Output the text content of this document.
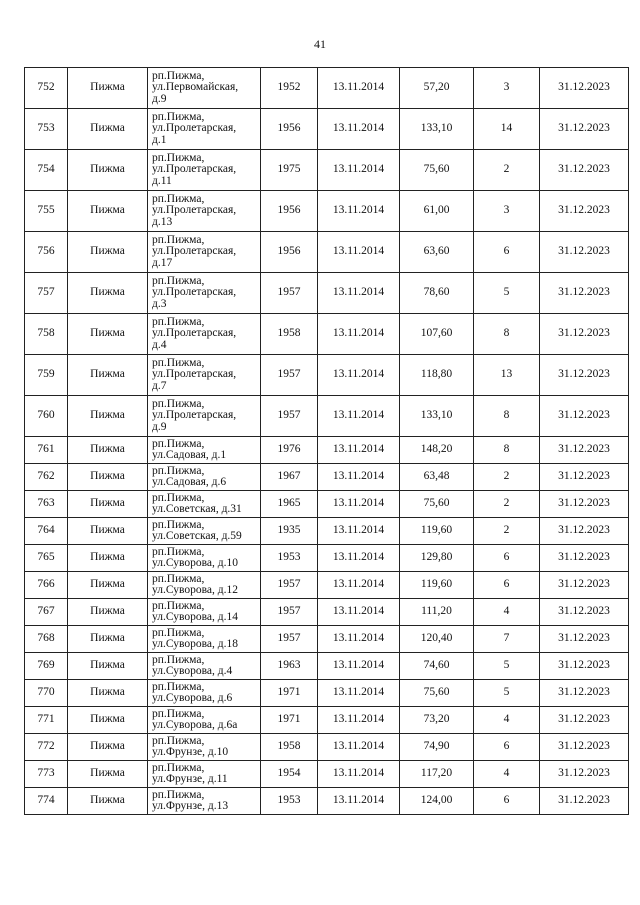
41
752	Пижма	рп.Пижма,
ул.Первомайская,
д.9	1952	13.11.2014	57,20	3	31.12.2023
753	Пижма	рп.Пижма,
ул.Пролетарская,
д.1	1956	13.11.2014	133,10	14	31.12.2023
754	Пижма	рп.Пижма,
ул.Пролетарская,
д.11	1975	13.11.2014	75,60	2	31.12.2023
755	Пижма	рп.Пижма,
ул.Пролетарская,
д.13	1956	13.11.2014	61,00	3	31.12.2023
756	Пижма	рп.Пижма,
ул.Пролетарская,
д.17	1956	13.11.2014	63,60	6	31.12.2023
757	Пижма	рп.Пижма,
ул.Пролетарская,
д.3	1957	13.11.2014	78,60	5	31.12.2023
758	Пижма	рп.Пижма,
ул.Пролетарская,
д.4	1958	13.11.2014	107,60	8	31.12.2023
759	Пижма	рп.Пижма,
ул.Пролетарская,
д.7	1957	13.11.2014	118,80	13	31.12.2023
760	Пижма	рп.Пижма,
ул.Пролетарская,
д.9	1957	13.11.2014	133,10	8	31.12.2023
761	Пижма	рп.Пижма,
ул.Садовая, д.1	1976	13.11.2014	148,20	8	31.12.2023
762	Пижма	рп.Пижма,
ул.Садовая, д.6	1967	13.11.2014	63,48	2	31.12.2023
763	Пижма	рп.Пижма,
ул.Советская, д.31	1965	13.11.2014	75,60	2	31.12.2023
764	Пижма	рп.Пижма,
ул.Советская, д.59	1935	13.11.2014	119,60	2	31.12.2023
765	Пижма	рп.Пижма,
ул.Суворова, д.10	1953	13.11.2014	129,80	6	31.12.2023
766	Пижма	рп.Пижма,
ул.Суворова, д.12	1957	13.11.2014	119,60	6	31.12.2023
767	Пижма	рп.Пижма,
ул.Суворова, д.14	1957	13.11.2014	111,20	4	31.12.2023
768	Пижма	рп.Пижма,
ул.Суворова, д.18	1957	13.11.2014	120,40	7	31.12.2023
769	Пижма	рп.Пижма,
ул.Суворова, д.4	1963	13.11.2014	74,60	5	31.12.2023
770	Пижма	рп.Пижма,
ул.Суворова, д.6	1971	13.11.2014	75,60	5	31.12.2023
771	Пижма	рп.Пижма,
ул.Суворова, д.6а	1971	13.11.2014	73,20	4	31.12.2023
772	Пижма	рп.Пижма,
ул.Фрунзе, д.10	1958	13.11.2014	74,90	6	31.12.2023
773	Пижма	рп.Пижма,
ул.Фрунзе, д.11	1954	13.11.2014	117,20	4	31.12.2023
774	Пижма	рп.Пижма,
ул.Фрунзе, д.13	1953	13.11.2014	124,00	6	31.12.2023
